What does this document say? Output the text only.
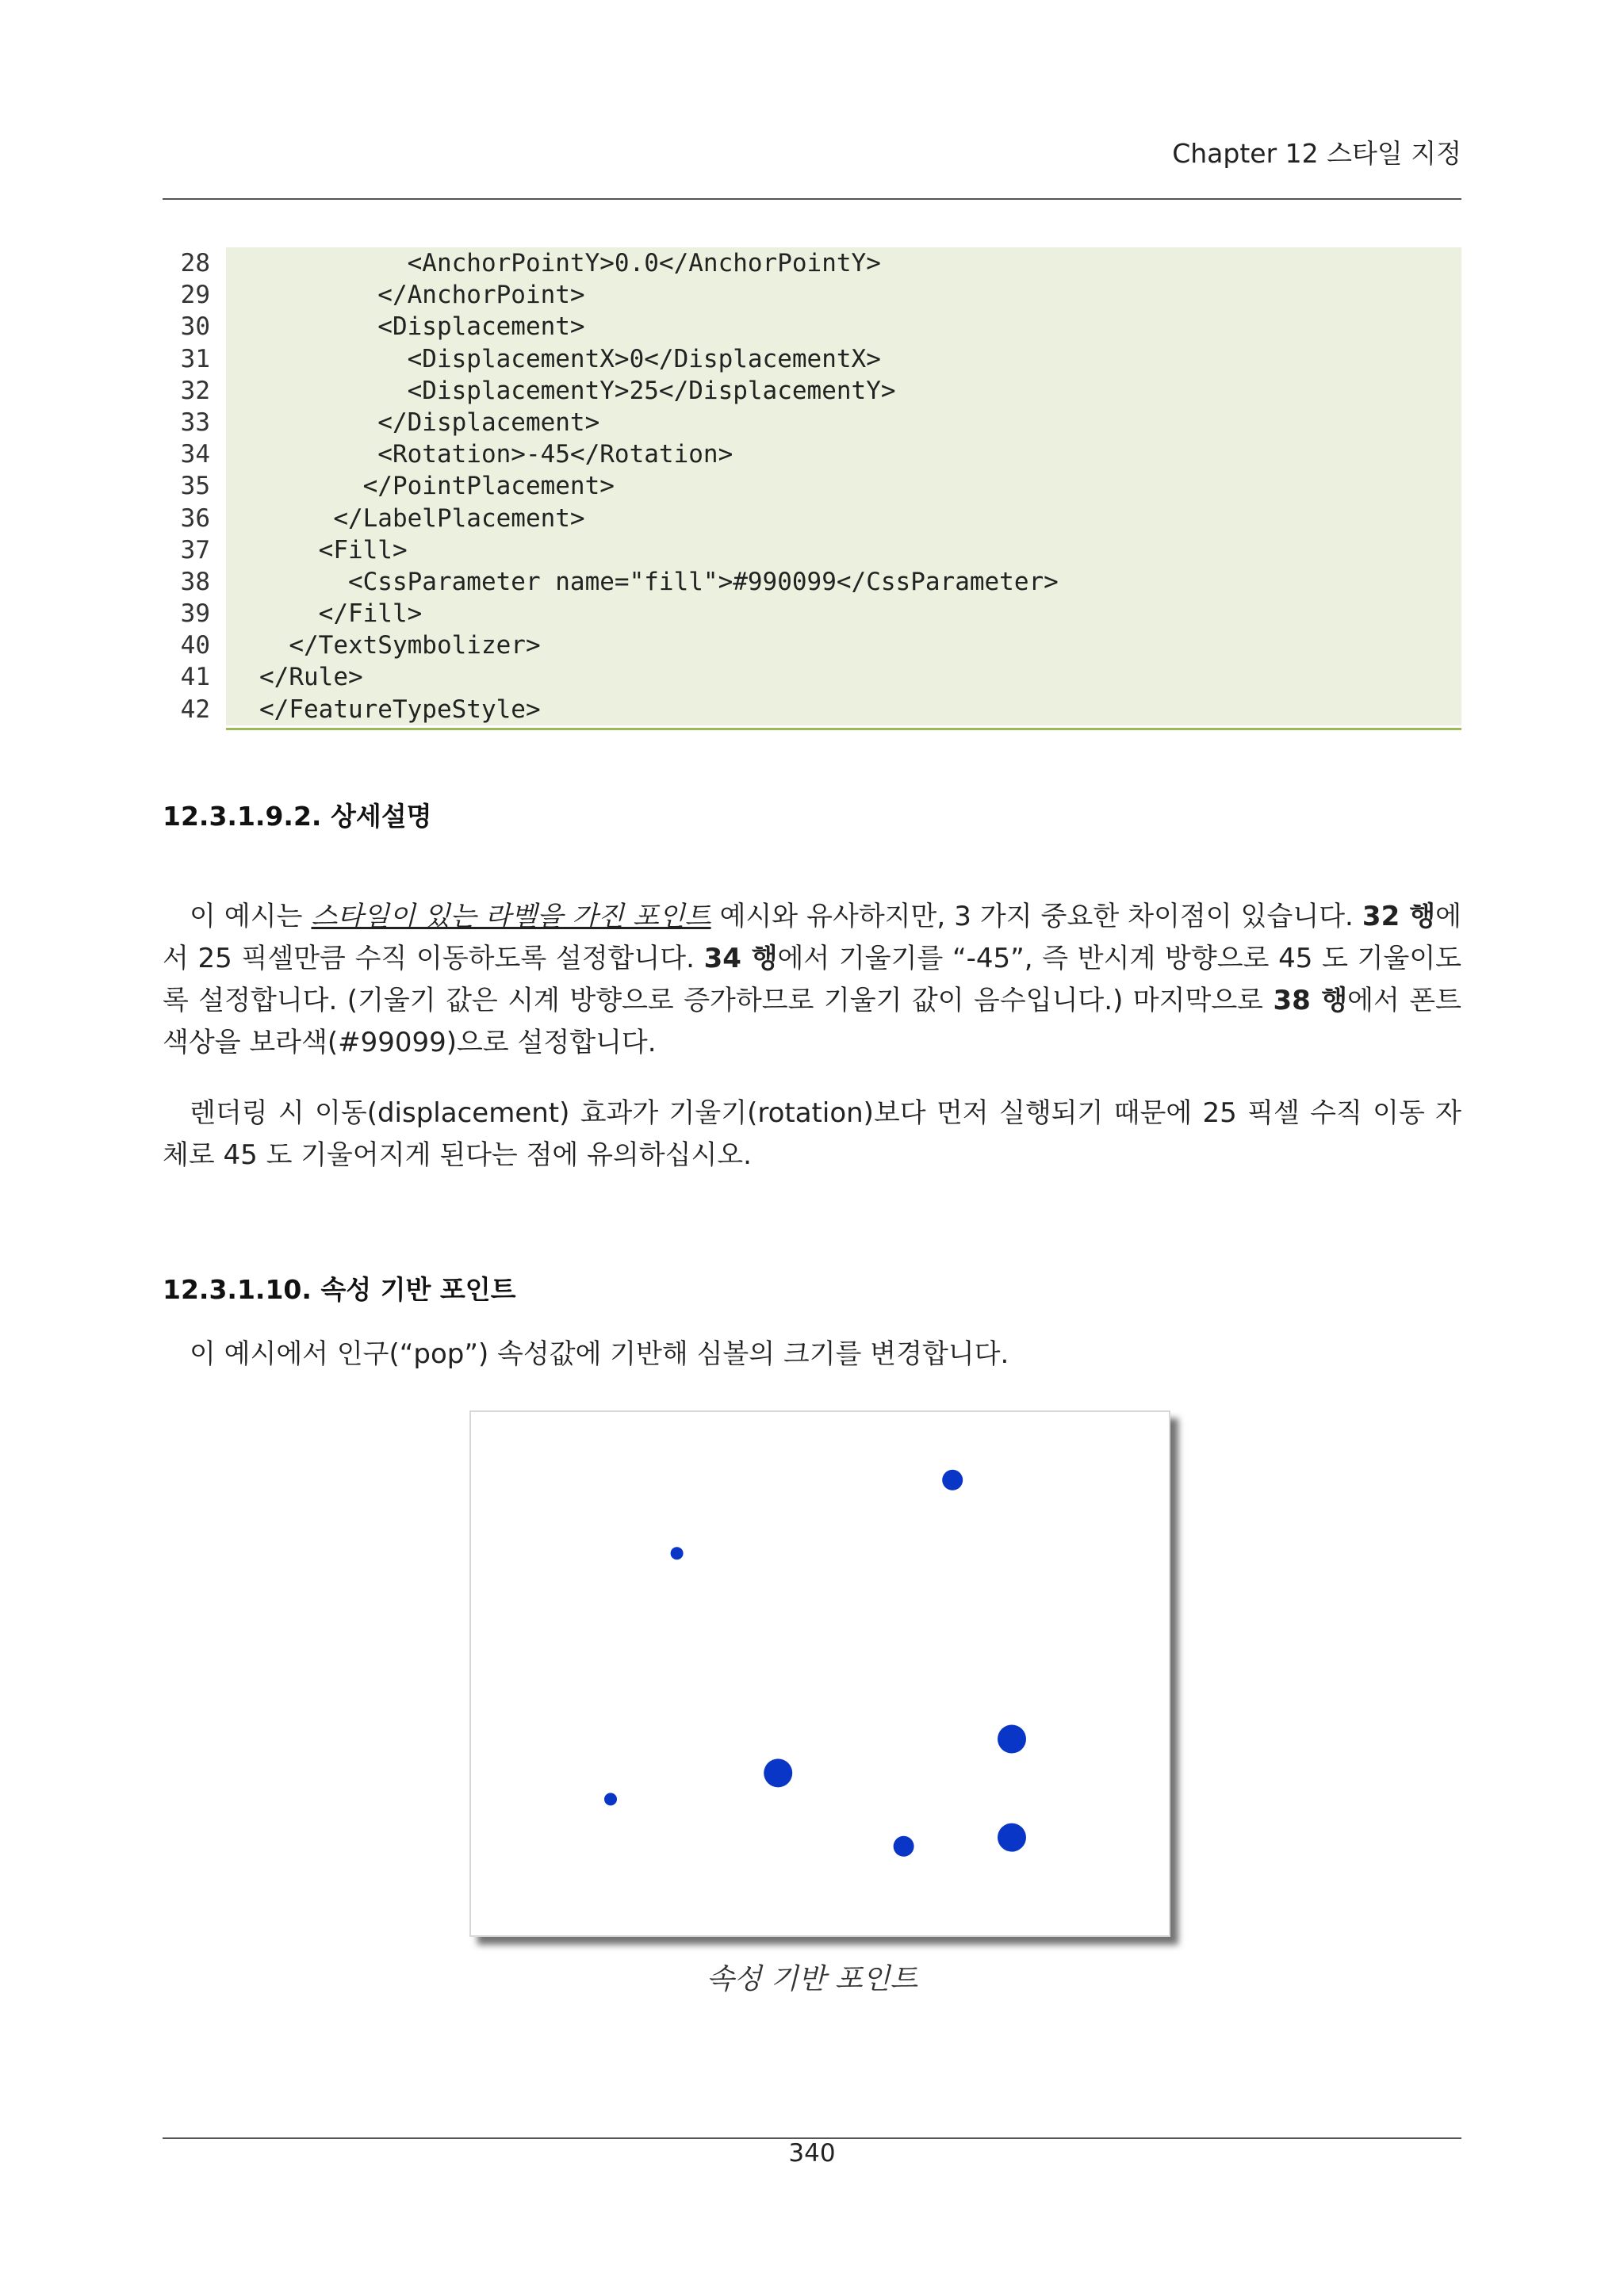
Chapter 12 스타일 지정
28	<AnchorPointY>0.0</AnchorPointY>
29	</AnchorPoint>
30	<Displacement>
31	<DisplacementX>0</DisplacementX>
32	<DisplacementY>25</DisplacementY>
33	</Displacement>
34	<Rotation>-45</Rotation>
35	</PointPlacement>
36	</LabelPlacement>
37	<Fill>
38	<CssParameter name="fill">#990099</CssParameter>
39	</Fill>
40	</TextSymbolizer>
41	</Rule>
42	</FeatureTypeStyle>
12.3.1.9.2. 상세설명
이 예시는 스타일이 있는 라벨을 가진 포인트 예시와 유사하지만, 3 가지 중요한 차이점이 있습니다. 32 행에서 25 픽셀만큼 수직 이동하도록 설정합니다. 34 행에서 기울기를 “-45”, 즉 반시계 방향으로 45 도 기울이도록 설정합니다. (기울기 값은 시계 방향으로 증가하므로 기울기 값이 음수입니다.) 마지막으로 38 행에서 폰트 색상을 보라색(#99099)으로 설정합니다.
렌더링 시 이동(displacement) 효과가 기울기(rotation)보다 먼저 실행되기 때문에 25 픽셀 수직 이동 자체로 45 도 기울어지게 된다는 점에 유의하십시오.
12.3.1.10. 속성 기반 포인트
이 예시에서 인구(“pop”) 속성값에 기반해 심볼의 크기를 변경합니다.
속성 기반 포인트
340
